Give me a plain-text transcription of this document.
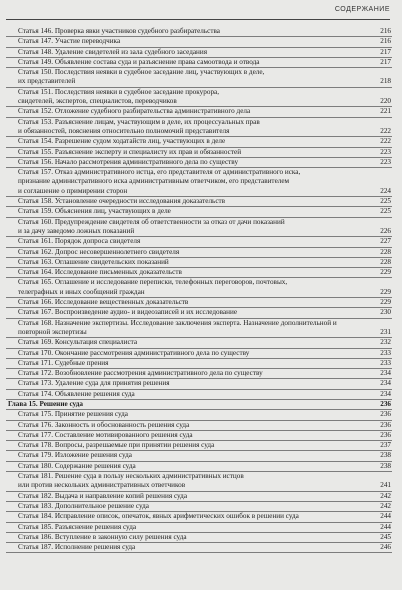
СОДЕРЖАНИЕ
Статья 146. Проверка явки участников судебного разбирательства	216
Статья 147. Участие переводчика	216
Статья 148. Удаление свидетелей из зала судебного заседания	217
Статья 149. Объявление состава суда и разъяснение права самоотвода и отвода	217
Статья 150. Последствия неявки в судебное заседание лиц, участвующих в деле,
их представителей	218
Статья 151. Последствия неявки в судебное заседание прокурора,
свидетелей, экспертов, специалистов, переводчиков	220
Статья 152. Отложение судебного разбирательства административного дела	221
Статья 153. Разъяснение лицам, участвующим в деле, их процессуальных прав
и обязанностей, пояснения относительно полномочий представителя	222
Статья 154. Разрешение судом ходатайств лиц, участвующих в деле	222
Статья 155. Разъяснение эксперту и специалисту их прав и обязанностей	223
Статья 156. Начало рассмотрения административного дела по существу	223
Статья 157. Отказ административного истца, его представителя от административного иска,
признание административного иска административным ответчиком, его представителем
и соглашение о примирении сторон	224
Статья 158. Установление очередности исследования доказательств	225
Статья 159. Объяснения лиц, участвующих в деле	225
Статья 160. Предупреждение свидетеля об ответственности за отказ от дачи показаний
и за дачу заведомо ложных показаний	226
Статья 161. Порядок допроса свидетеля	227
Статья 162. Допрос несовершеннолетнего свидетеля	228
Статья 163. Оглашение свидетельских показаний	228
Статья 164. Исследование письменных доказательств	229
Статья 165. Оглашение и исследование переписки, телефонных переговоров, почтовых,
телеграфных и иных сообщений граждан	229
Статья 166. Исследование вещественных доказательств	229
Статья 167. Воспроизведение аудио- и видеозаписей и их исследование	230
Статья 168. Назначение экспертизы. Исследование заключения эксперта. Назначение дополнительной и
повторной экспертизы	231
Статья 169. Консультация специалиста	232
Статья 170. Окончание рассмотрения административного дела по существу	233
Статья 171. Судебные прения	233
Статья 172. Возобновление рассмотрения административного дела по существу	234
Статья 173. Удаление суда для принятия решения	234
Статья 174. Объявление решения суда	234
Глава 15. Решение суда	236
Статья 175. Принятие решения суда	236
Статья 176. Законность и обоснованность решения суда	236
Статья 177. Составление мотивированного решения суда	236
Статья 178. Вопросы, разрешаемые при принятии решения суда	237
Статья 179. Изложение решения суда	238
Статья 180. Содержание решения суда	238
Статья 181. Решение суда в пользу нескольких административных истцов
или против нескольких административных ответчиков	241
Статья 182. Выдача и направление копий решения суда	242
Статья 183. Дополнительное решение суда	242
Статья 184. Исправление описок, опечаток, явных арифметических ошибок в решении суда	244
Статья 185. Разъяснение решения суда	244
Статья 186. Вступление в законную силу решения суда	245
Статья 187. Исполнение решения суда	246
